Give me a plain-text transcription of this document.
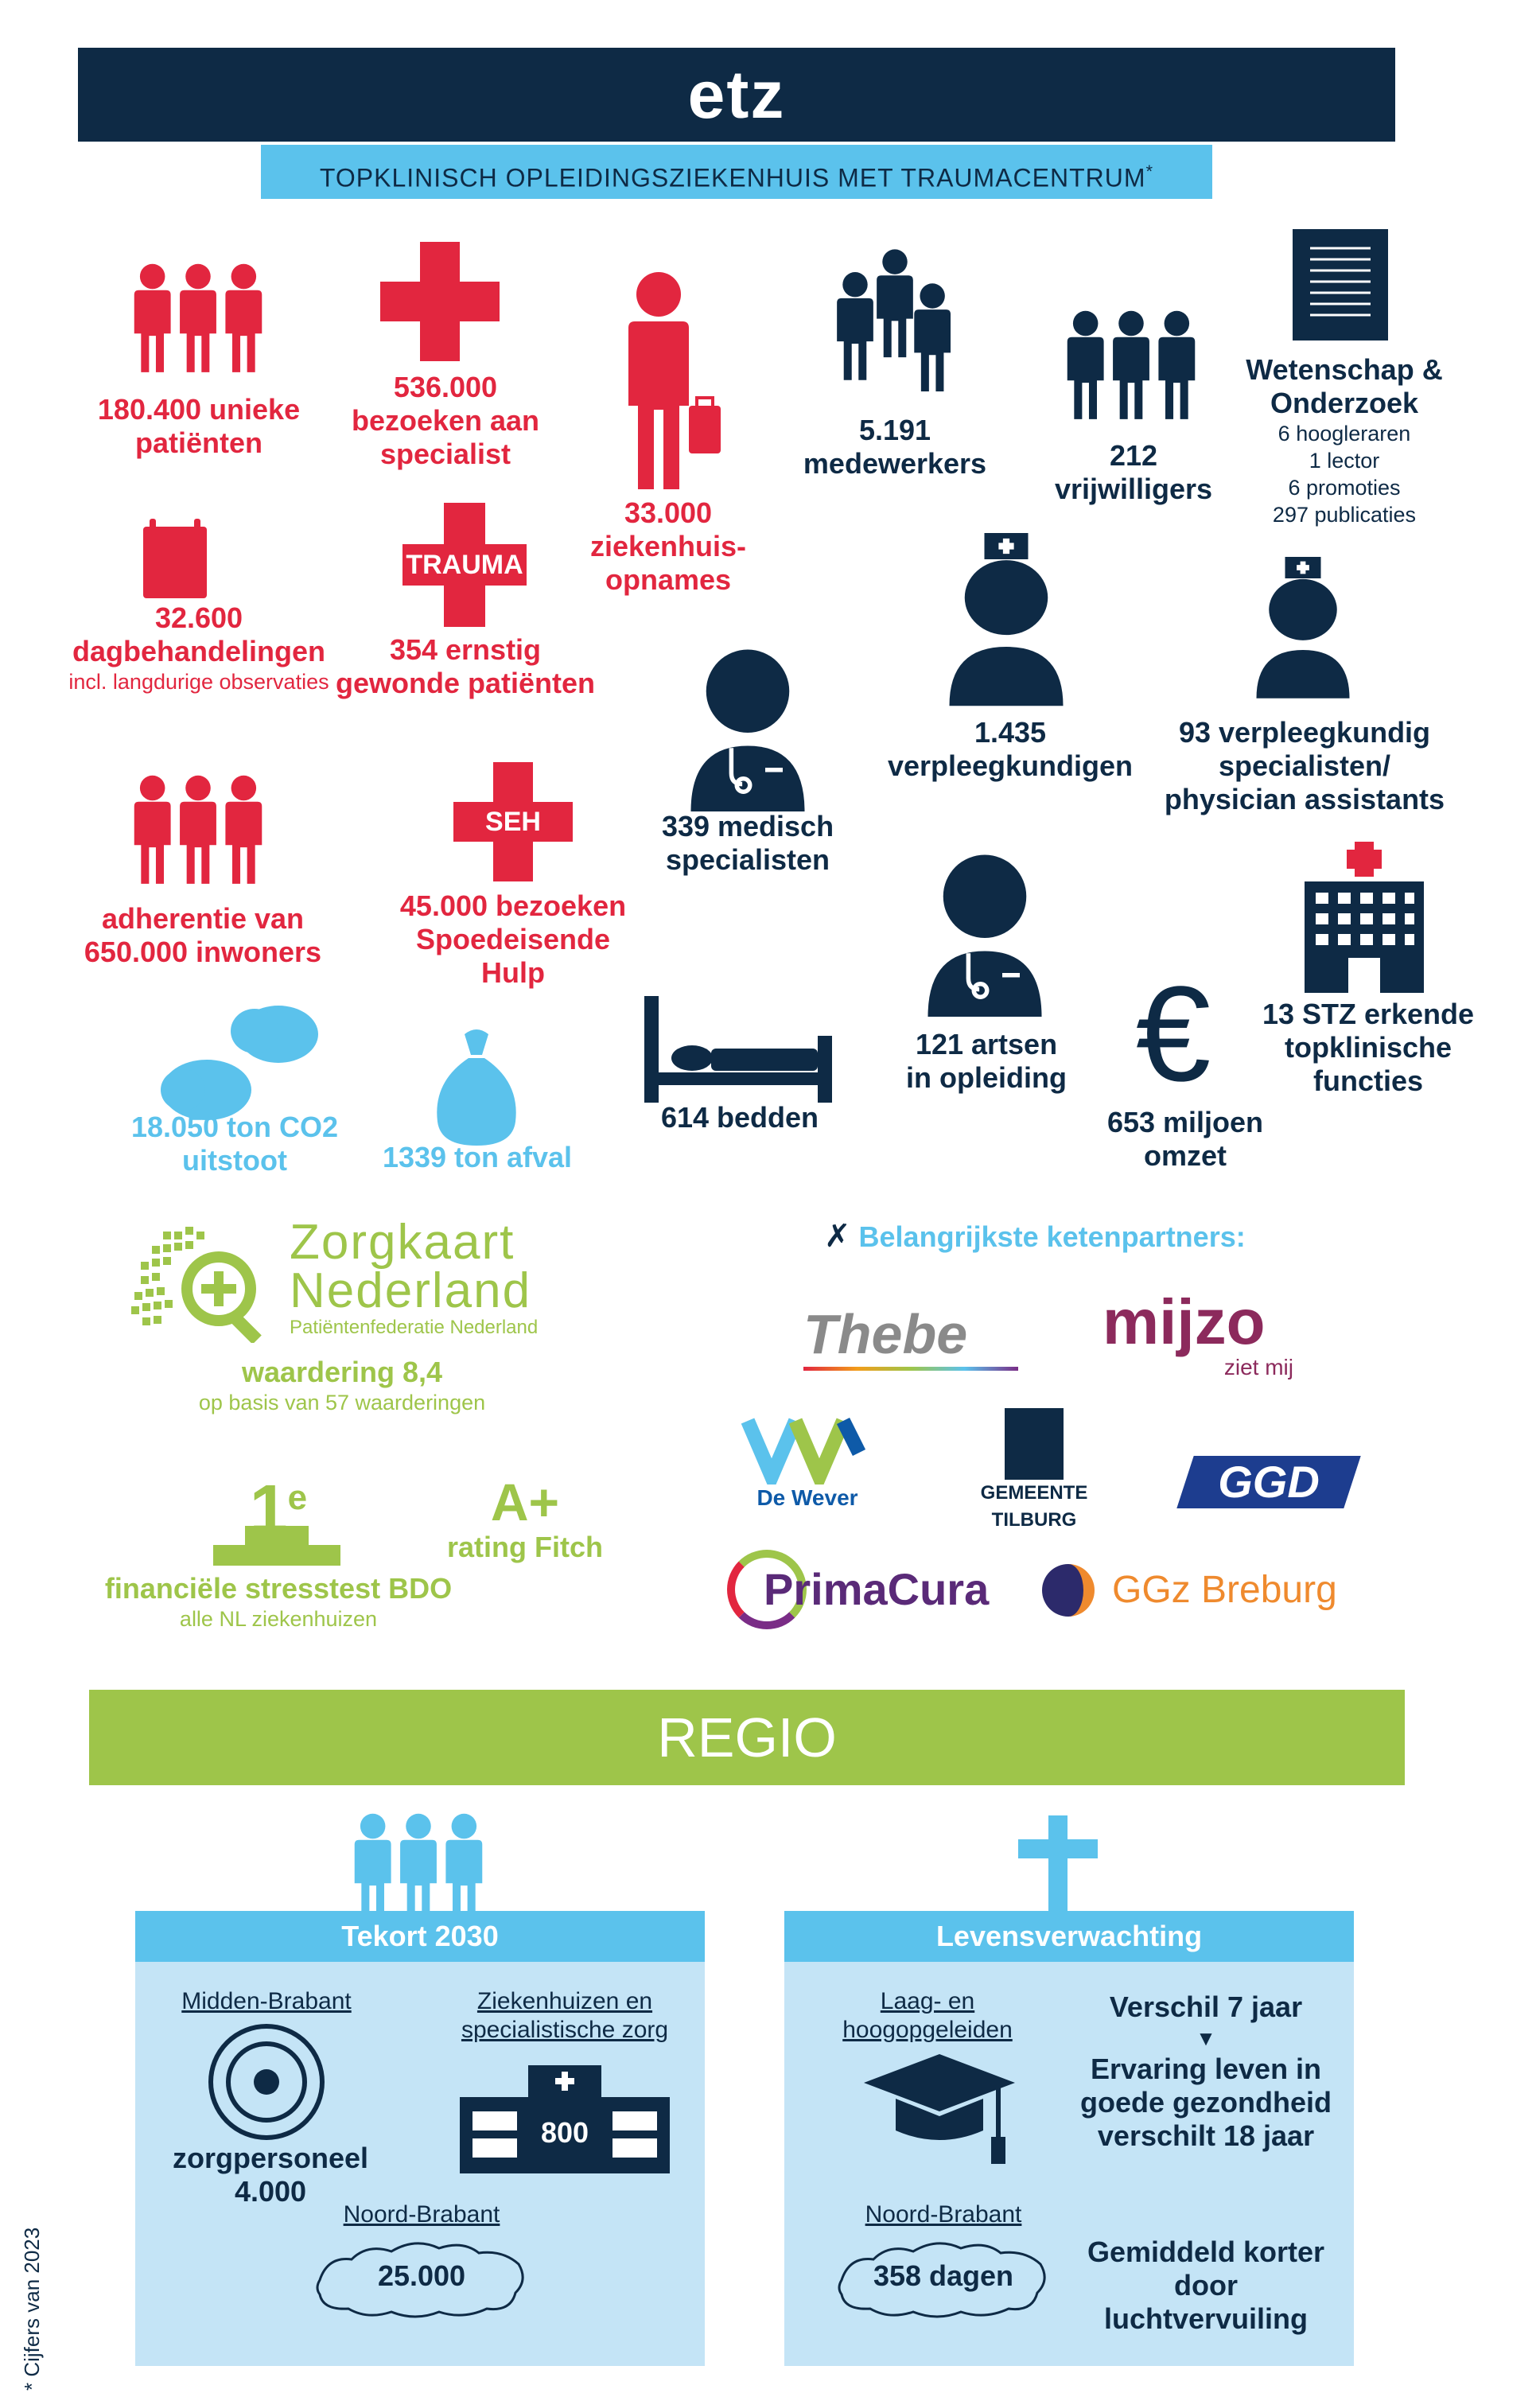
etz
TOPKLINISCH OPLEIDINGSZIEKENHUIS MET TRAUMACENTRUM*
180.400 unieke
patiënten
536.000
bezoeken aan
specialist
33.000
ziekenhuis-
opnames
5.191
medewerkers	212
vrijwilligers
Wetenschap &
Onderzoek
6 hoogleraren
1 lector
6 promoties
297 publicaties
32.600
dagbehandelingen
incl. langdurige observaties
TRAUMA
354 ernstig
gewonde patiënten
1.435
verpleegkundigen
93 verpleegkundig
specialisten/
physician assistants
339 medisch
specialisten
adherentie van
650.000 inwoners
SEH
45.000 bezoeken
Spoedeisende
Hulp
121 artsen
in opleiding
13 STZ erkende
topklinische
functies
18.050 ton CO2
uitstoot	1339 ton afval
614 bedden
€
653 miljoen
omzet
Zorgkaart
Nederland
Patiëntenfederatie Nederland
waardering 8,4
op basis van 57 waarderingen
1e
financiële stresstest BDO
alle NL ziekenhuizen
A+
rating Fitch
✗ Belangrijkste ketenpartners:
Thebe	mijzo
ziet mij
De Wever	GEMEENTE TILBURG
GGD
PrimaCura	GGz Breburg
REGIO
Tekort 2030
Midden-Brabant
zorgpersoneel
4.000
Ziekenhuizen en
specialistische zorg
800
Noord-Brabant
25.000
Levensverwachting
Laag- en
hoogopgeleiden
Verschil 7 jaar
▼
Ervaring leven in
goede gezondheid
verschilt 18 jaar
Noord-Brabant
358 dagen
Gemiddeld korter
door luchtvervuiling
* Cijfers van 2023
